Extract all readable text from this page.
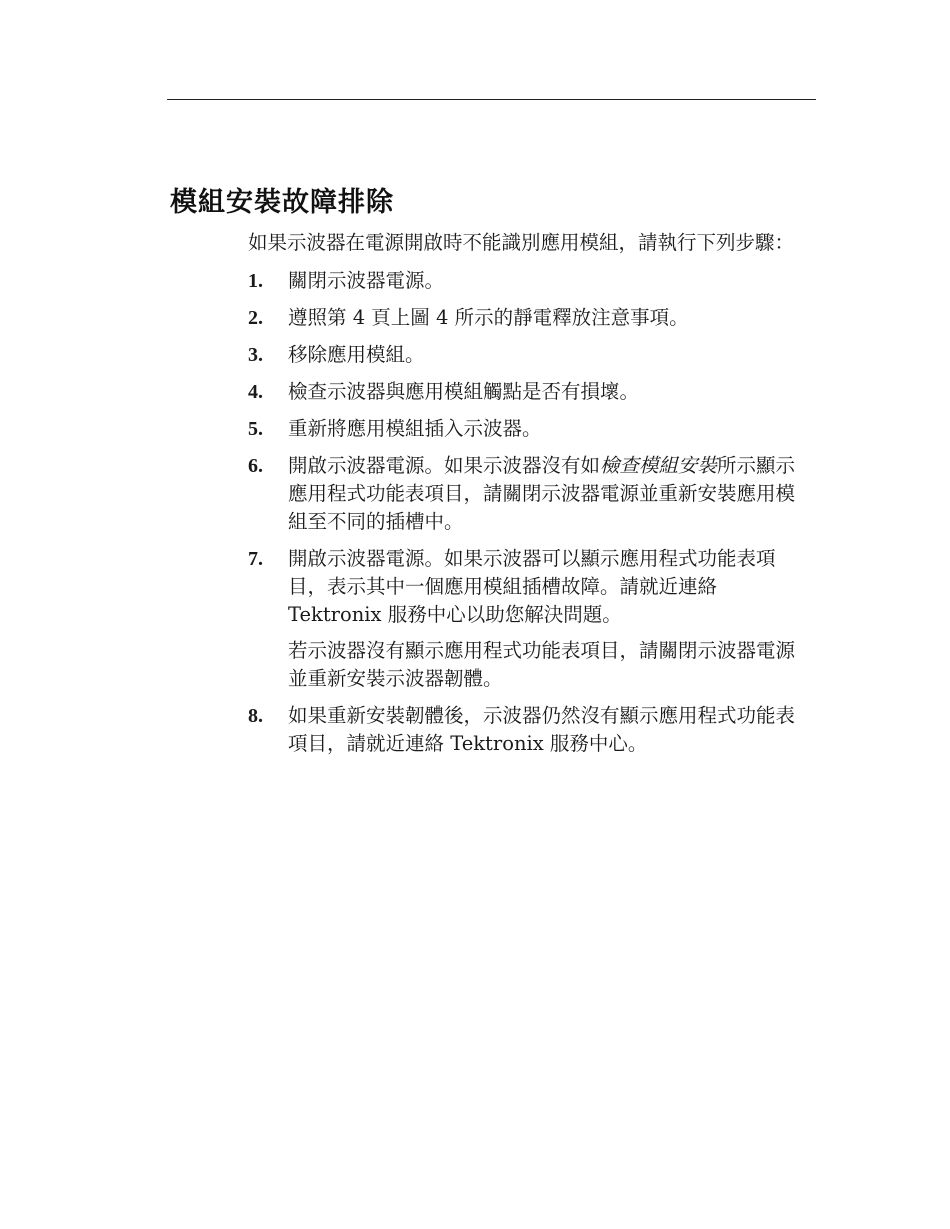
模組安裝故障排除

如果示波器在電源開啟時不能識別應用模組，請執行下列步驟：

1. 關閉示波器電源。
2. 遵照第 4 頁上圖 4 所示的靜電釋放注意事項。
3. 移除應用模組。
4. 檢查示波器與應用模組觸點是否有損壞。
5. 重新將應用模組插入示波器。
6. 開啟示波器電源。如果示波器沒有如檢查模組安裝所示顯示應用程式功能表項目，請關閉示波器電源並重新安裝應用模組至不同的插槽中。
7. 開啟示波器電源。如果示波器可以顯示應用程式功能表項目，表示其中一個應用模組插槽故障。請就近連絡 Tektronix 服務中心以助您解決問題。
若示波器沒有顯示應用程式功能表項目，請關閉示波器電源並重新安裝示波器韌體。
8. 如果重新安裝韌體後，示波器仍然沒有顯示應用程式功能表項目，請就近連絡 Tektronix 服務中心。
